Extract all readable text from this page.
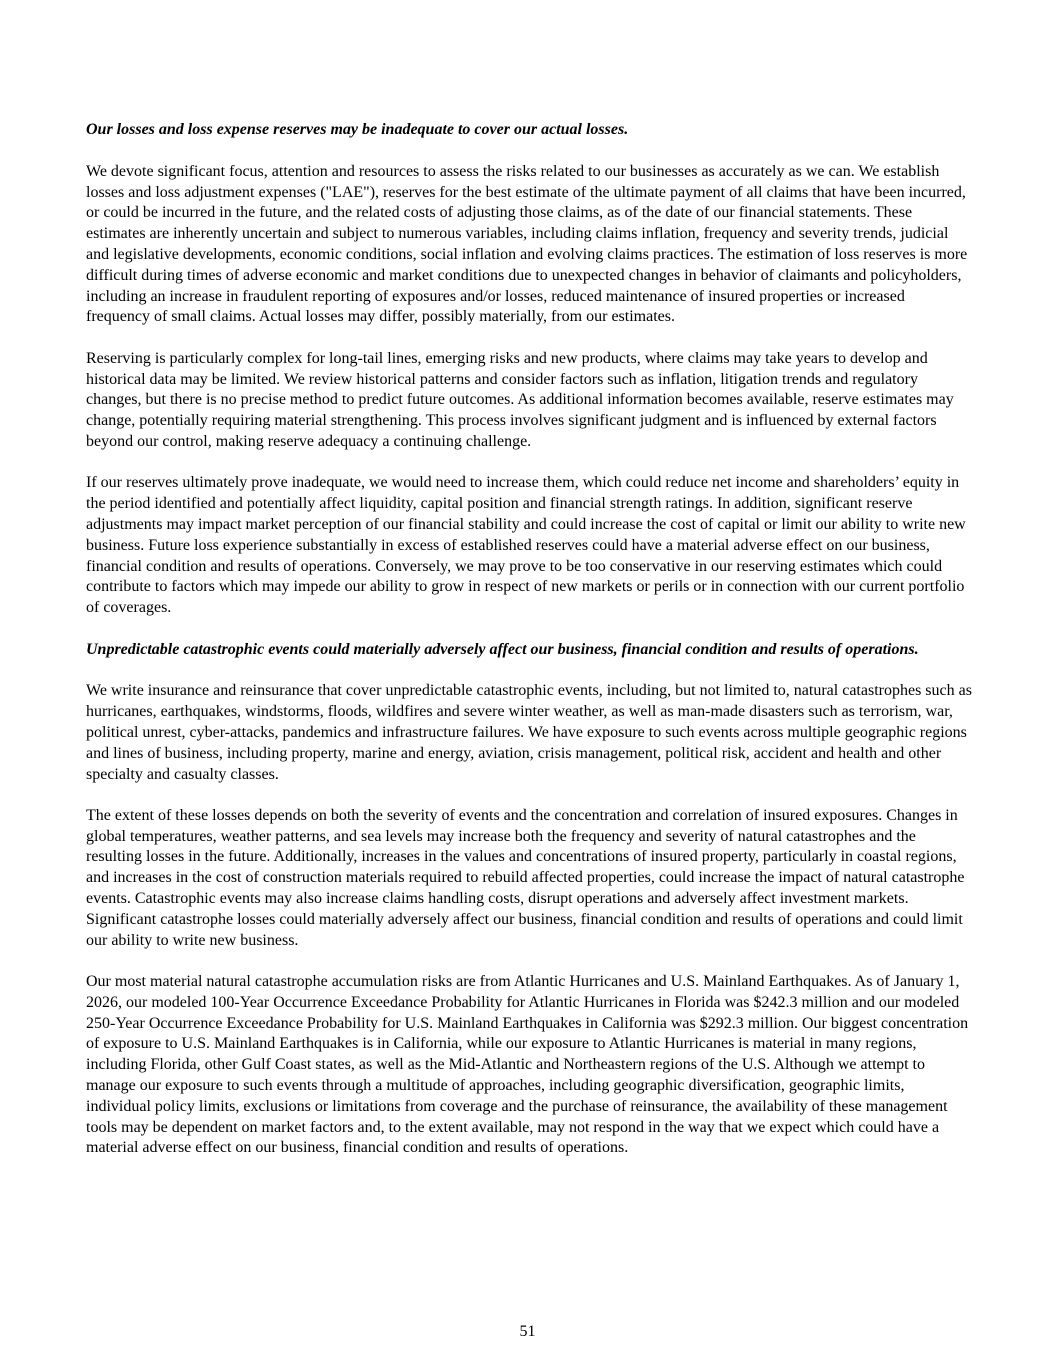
Our losses and loss expense reserves may be inadequate to cover our actual losses.

We devote significant focus, attention and resources to assess the risks related to our businesses as accurately as we can. We establish losses and loss adjustment expenses ("LAE"), reserves for the best estimate of the ultimate payment of all claims that have been incurred, or could be incurred in the future, and the related costs of adjusting those claims, as of the date of our financial statements. These estimates are inherently uncertain and subject to numerous variables, including claims inflation, frequency and severity trends, judicial and legislative developments, economic conditions, social inflation and evolving claims practices. The estimation of loss reserves is more difficult during times of adverse economic and market conditions due to unexpected changes in behavior of claimants and policyholders, including an increase in fraudulent reporting of exposures and/or losses, reduced maintenance of insured properties or increased frequency of small claims. Actual losses may differ, possibly materially, from our estimates.

Reserving is particularly complex for long-tail lines, emerging risks and new products, where claims may take years to develop and historical data may be limited. We review historical patterns and consider factors such as inflation, litigation trends and regulatory changes, but there is no precise method to predict future outcomes. As additional information becomes available, reserve estimates may change, potentially requiring material strengthening. This process involves significant judgment and is influenced by external factors beyond our control, making reserve adequacy a continuing challenge.

If our reserves ultimately prove inadequate, we would need to increase them, which could reduce net income and shareholders’ equity in the period identified and potentially affect liquidity, capital position and financial strength ratings. In addition, significant reserve adjustments may impact market perception of our financial stability and could increase the cost of capital or limit our ability to write new business. Future loss experience substantially in excess of established reserves could have a material adverse effect on our business, financial condition and results of operations. Conversely, we may prove to be too conservative in our reserving estimates which could contribute to factors which may impede our ability to grow in respect of new markets or perils or in connection with our current portfolio of coverages.

Unpredictable catastrophic events could materially adversely affect our business, financial condition and results of operations.

We write insurance and reinsurance that cover unpredictable catastrophic events, including, but not limited to, natural catastrophes such as hurricanes, earthquakes, windstorms, floods, wildfires and severe winter weather, as well as man-made disasters such as terrorism, war, political unrest, cyber-attacks, pandemics and infrastructure failures. We have exposure to such events across multiple geographic regions and lines of business, including property, marine and energy, aviation, crisis management, political risk, accident and health and other specialty and casualty classes.

The extent of these losses depends on both the severity of events and the concentration and correlation of insured exposures. Changes in global temperatures, weather patterns, and sea levels may increase both the frequency and severity of natural catastrophes and the resulting losses in the future. Additionally, increases in the values and concentrations of insured property, particularly in coastal regions, and increases in the cost of construction materials required to rebuild affected properties, could increase the impact of natural catastrophe events. Catastrophic events may also increase claims handling costs, disrupt operations and adversely affect investment markets. Significant catastrophe losses could materially adversely affect our business, financial condition and results of operations and could limit our ability to write new business.

Our most material natural catastrophe accumulation risks are from Atlantic Hurricanes and U.S. Mainland Earthquakes. As of January 1, 2026, our modeled 100-Year Occurrence Exceedance Probability for Atlantic Hurricanes in Florida was $242.3 million and our modeled 250-Year Occurrence Exceedance Probability for U.S. Mainland Earthquakes in California was $292.3 million. Our biggest concentration of exposure to U.S. Mainland Earthquakes is in California, while our exposure to Atlantic Hurricanes is material in many regions, including Florida, other Gulf Coast states, as well as the Mid-Atlantic and Northeastern regions of the U.S. Although we attempt to manage our exposure to such events through a multitude of approaches, including geographic diversification, geographic limits, individual policy limits, exclusions or limitations from coverage and the purchase of reinsurance, the availability of these management tools may be dependent on market factors and, to the extent available, may not respond in the way that we expect which could have a material adverse effect on our business, financial condition and results of operations.

51
